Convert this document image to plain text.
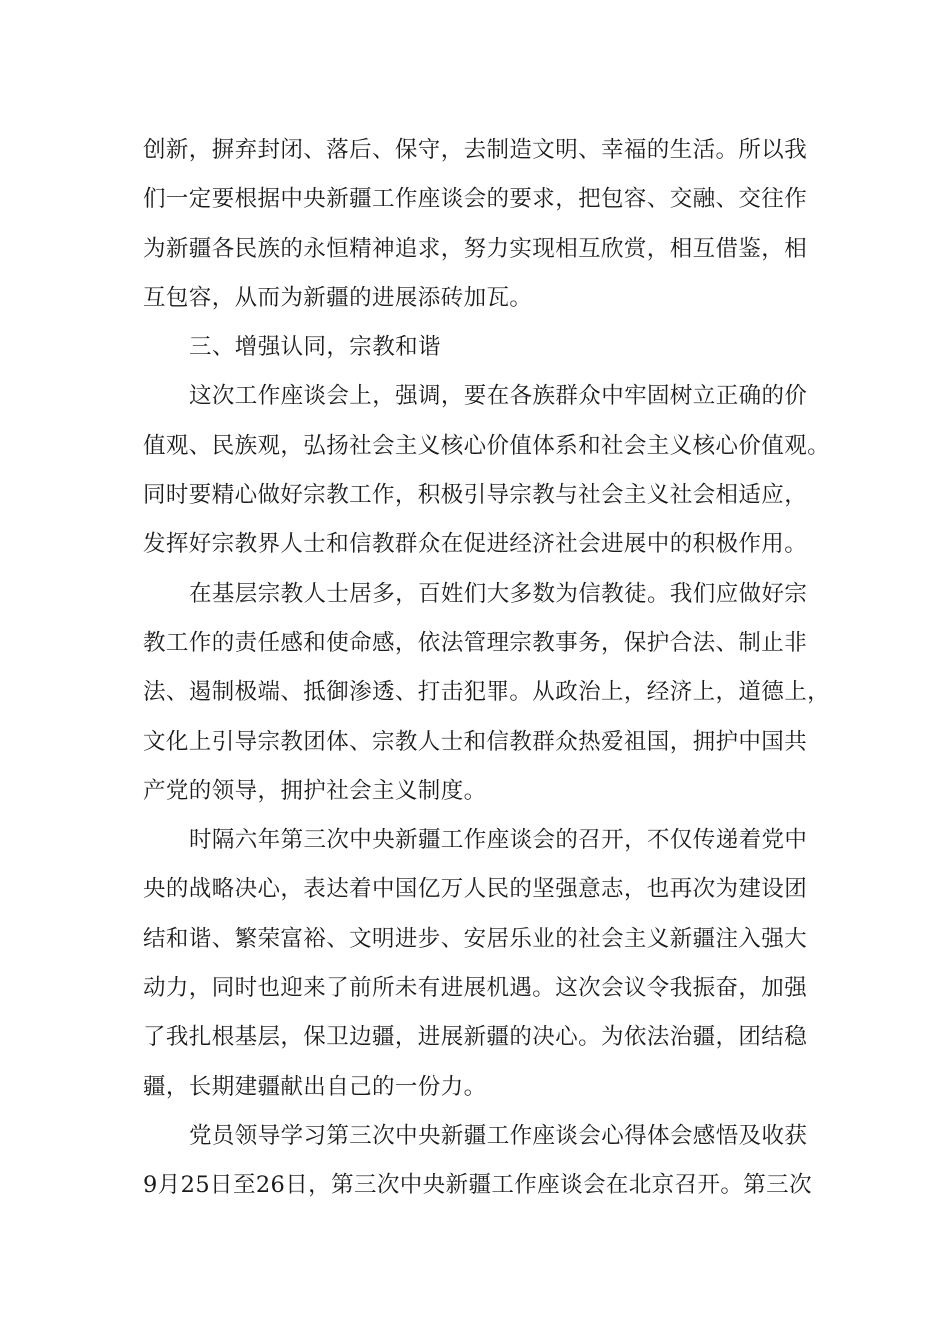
创新，摒弃封闭、落后、保守，去制造文明、幸福的生活。所以我
们一定要根据中央新疆工作座谈会的要求，把包容、交融、交往作
为新疆各民族的永恒精神追求，努力实现相互欣赏，相互借鉴，相
互包容，从而为新疆的进展添砖加瓦。
三、增强认同，宗教和谐
这次工作座谈会上，强调，要在各族群众中牢固树立正确的价
值观、民族观，弘扬社会主义核心价值体系和社会主义核心价值观。
同时要精心做好宗教工作，积极引导宗教与社会主义社会相适应，
发挥好宗教界人士和信教群众在促进经济社会进展中的积极作用。
在基层宗教人士居多，百姓们大多数为信教徒。我们应做好宗
教工作的责任感和使命感，依法管理宗教事务，保护合法、制止非
法、遏制极端、抵御渗透、打击犯罪。从政治上，经济上，道德上，
文化上引导宗教团体、宗教人士和信教群众热爱祖国，拥护中国共
产党的领导，拥护社会主义制度。
时隔六年第三次中央新疆工作座谈会的召开，不仅传递着党中
央的战略决心，表达着中国亿万人民的坚强意志，也再次为建设团
结和谐、繁荣富裕、文明进步、安居乐业的社会主义新疆注入强大
动力，同时也迎来了前所未有进展机遇。这次会议令我振奋，加强
了我扎根基层，保卫边疆，进展新疆的决心。为依法治疆，团结稳
疆，长期建疆献出自己的一份力。
党员领导学习第三次中央新疆工作座谈会心得体会感悟及收获
9月25日至26日，第三次中央新疆工作座谈会在北京召开。第三次
